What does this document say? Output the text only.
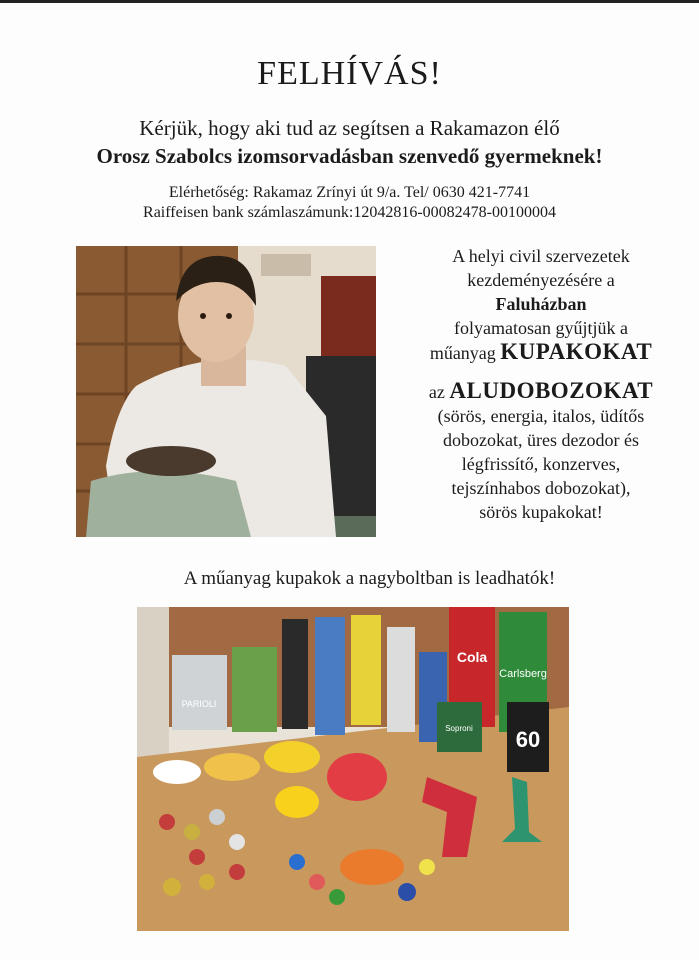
FELHÍVÁS!
Kérjük, hogy aki tud az segítsen a Rakamazon élő
Orosz Szabolcs izomsorvadásban szenvedő gyermeknek!
Elérhetőség: Rakamaz Zrínyi út 9/a. Tel/ 0630 421-7741
Raiffeisen bank számlaszámunk:12042816-00082478-00100004

A helyi civil szervezetek

kezdeményezésére a

Faluházban

folyamatosan gyűjtjük a

műanyag KUPAKOKAT

az ALUDOBOZOKAT

(sörös, energia, italos, üdítős

dobozokat, üres dezodor és

légfrissítő, konzerves,

tejszínhabos dobozokat),

sörös kupakokat!

A műanyag kupakok a nagyboltban is leadhatók!
PARIOLI
Cola
Carlsberg
Soproni 60
